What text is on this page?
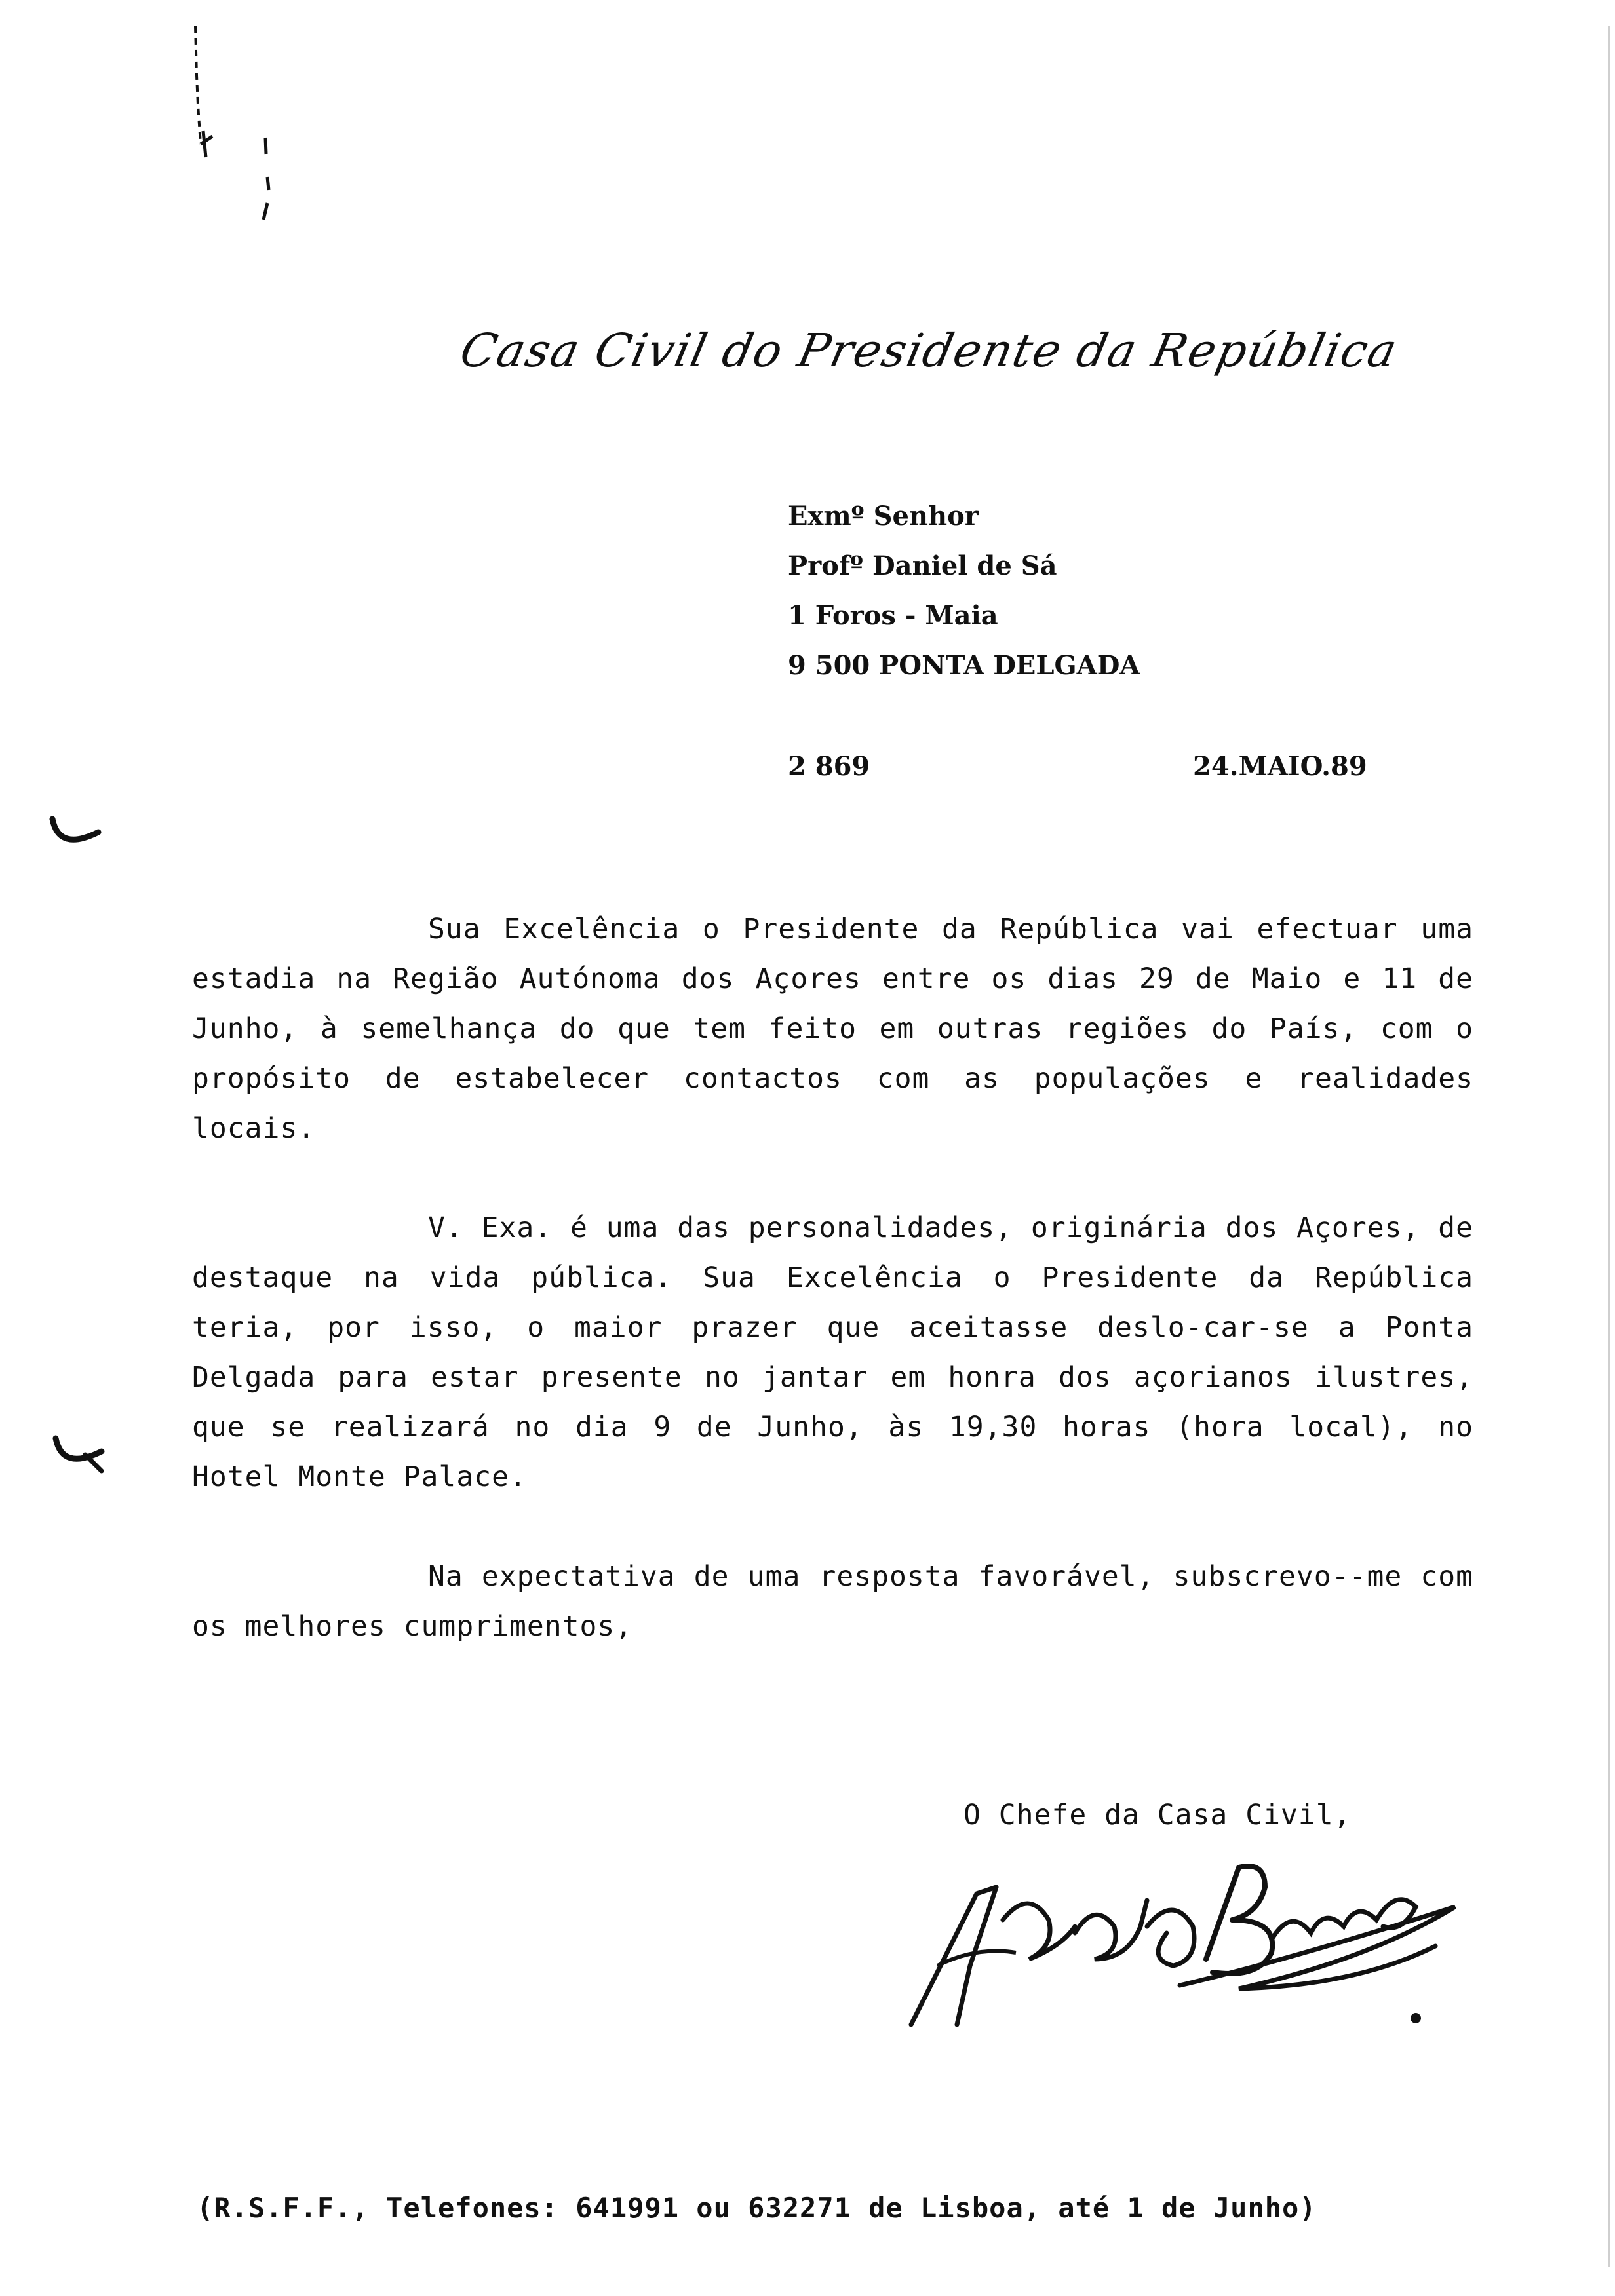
Casa Civil do Presidente da República
Exmº Senhor
Profº Daniel de Sá
1 Foros - Maia
9 500 PONTA DELGADA
2 869	24.MAIO.89

Sua Excelência o Presidente da República vai efectuar uma estadia na Região Autónoma dos Açores entre os dias 29 de Maio e 11 de Junho, à semelhança do que tem feito em outras regiões do País, com o propósito de estabelecer contactos com as populações e realidades locais.

V. Exa. é uma das personalidades, originária dos Açores, de destaque na vida pública. Sua Excelência o Presidente da República teria, por isso, o maior prazer que aceitasse deslo-car-se a Ponta Delgada para estar presente no jantar em honra dos açorianos ilustres, que se realizará no dia 9 de Junho, às 19,30 horas (hora local), no Hotel Monte Palace.

Na expectativa de uma resposta favorável, subscrevo--me com os melhores cumprimentos,

O Chefe da Casa Civil,
(R.S.F.F., Telefones: 641991 ou 632271 de Lisboa, até 1 de Junho)
